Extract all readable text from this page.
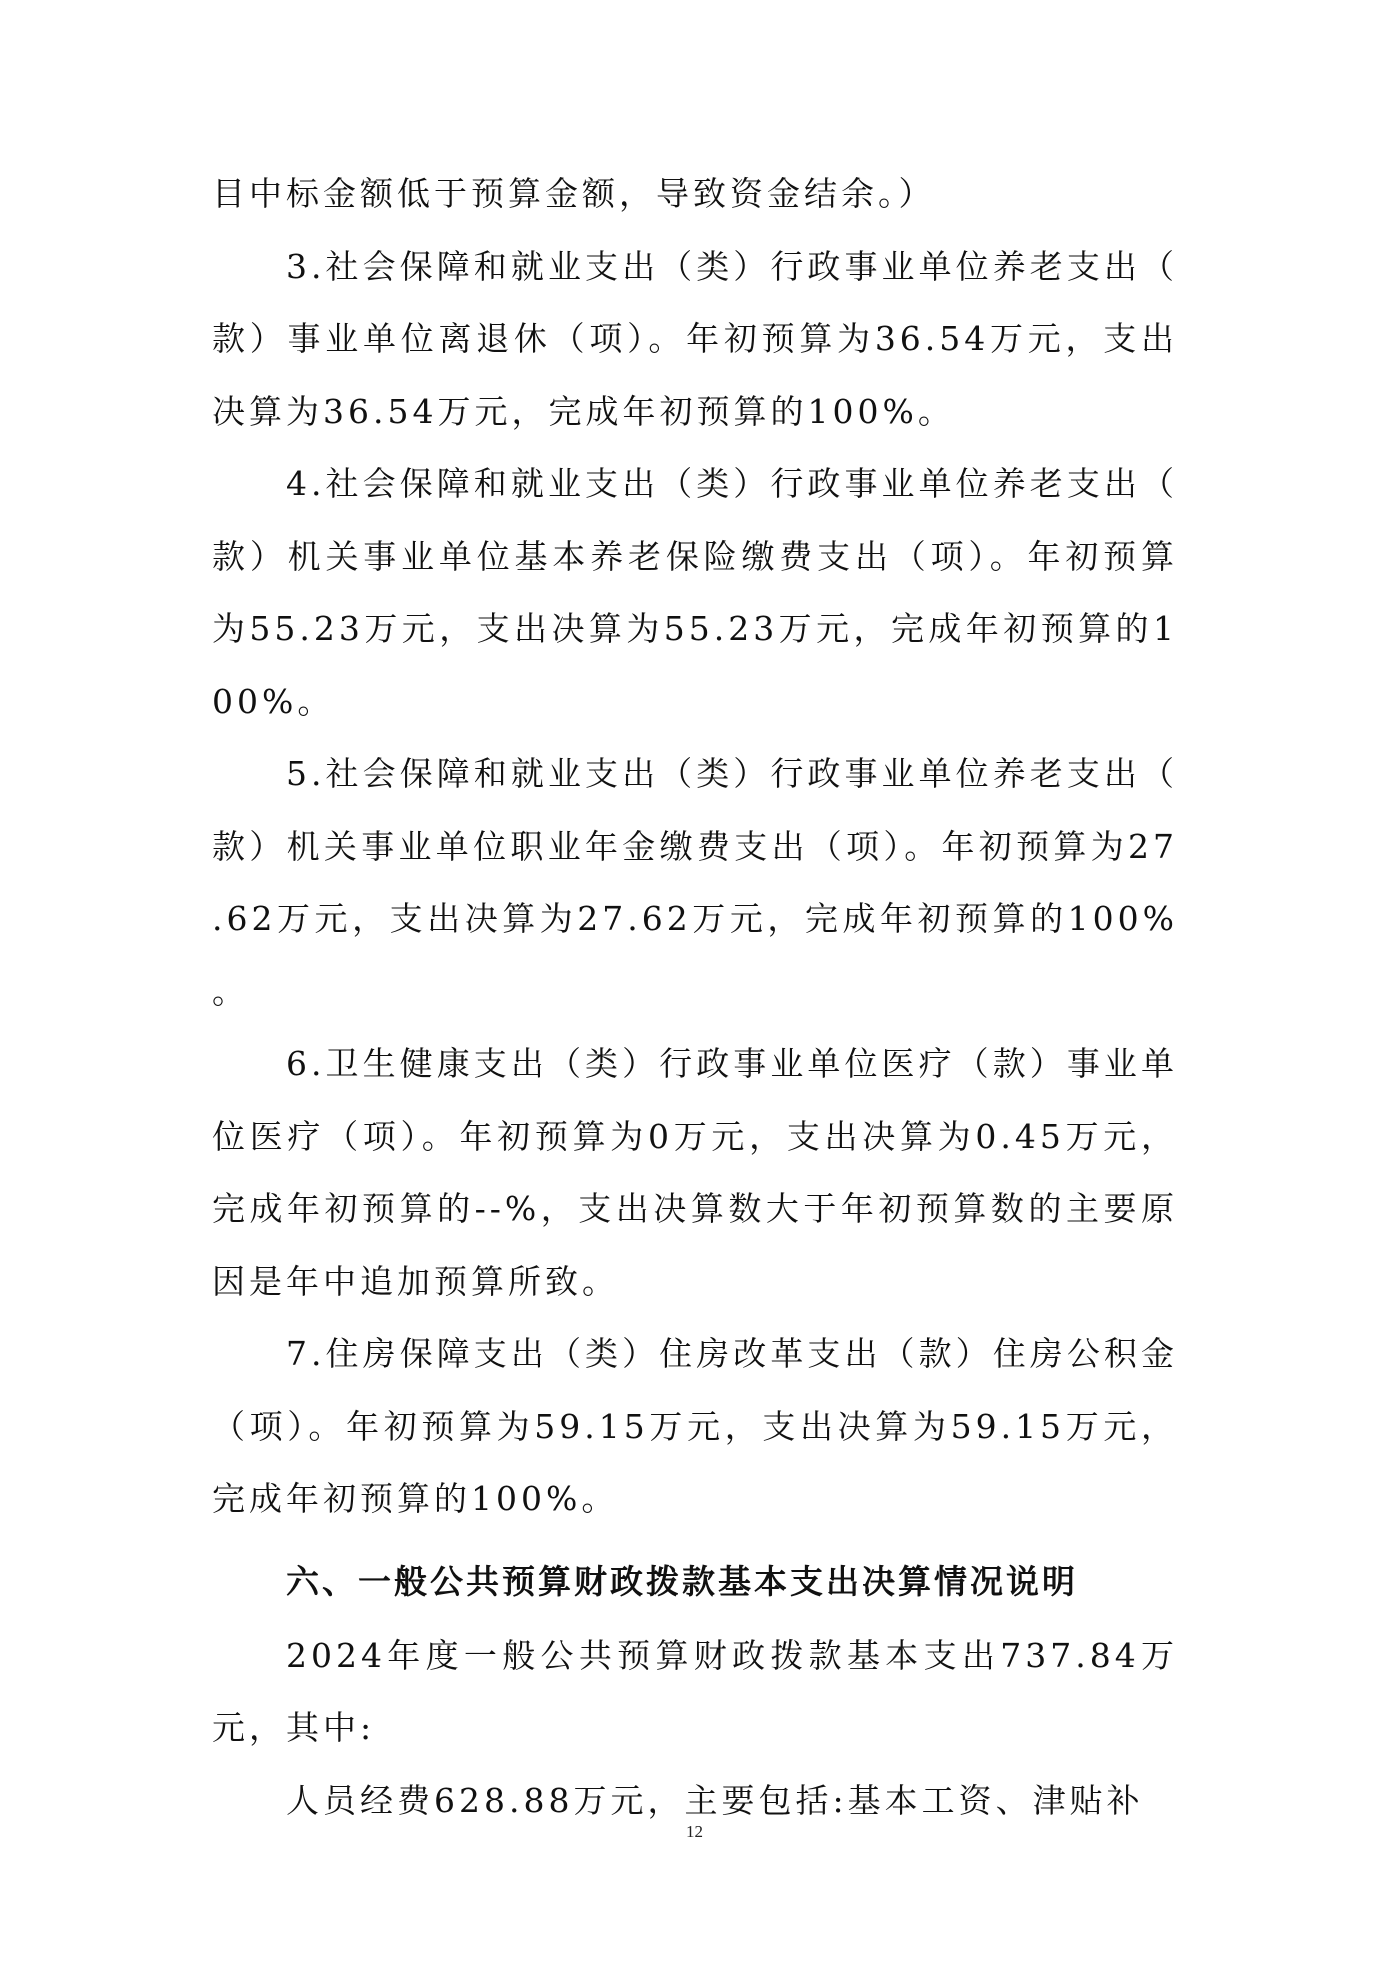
目中标金额低于预算金额，导致资金结余。）

3.社会保障和就业支出（类）行政事业单位养老支出（款）事业单位离退休（项）。年初预算为36.54万元，支出决算为36.54万元，完成年初预算的100%。

4.社会保障和就业支出（类）行政事业单位养老支出（款）机关事业单位基本养老保险缴费支出（项）。年初预算为55.23万元，支出决算为55.23万元，完成年初预算的100%。

5.社会保障和就业支出（类）行政事业单位养老支出（款）机关事业单位职业年金缴费支出（项）。年初预算为27.62万元，支出决算为27.62万元，完成年初预算的100%。

6.卫生健康支出（类）行政事业单位医疗（款）事业单位医疗（项）。年初预算为0万元，支出决算为0.45万元，完成年初预算的--%，支出决算数大于年初预算数的主要原因是年中追加预算所致。

7.住房保障支出（类）住房改革支出（款）住房公积金（项）。年初预算为59.15万元，支出决算为59.15万元，完成年初预算的100%。

六、一般公共预算财政拨款基本支出决算情况说明

2024年度一般公共预算财政拨款基本支出737.84万元，其中:

人员经费628.88万元，主要包括:基本工资、津贴补

12
